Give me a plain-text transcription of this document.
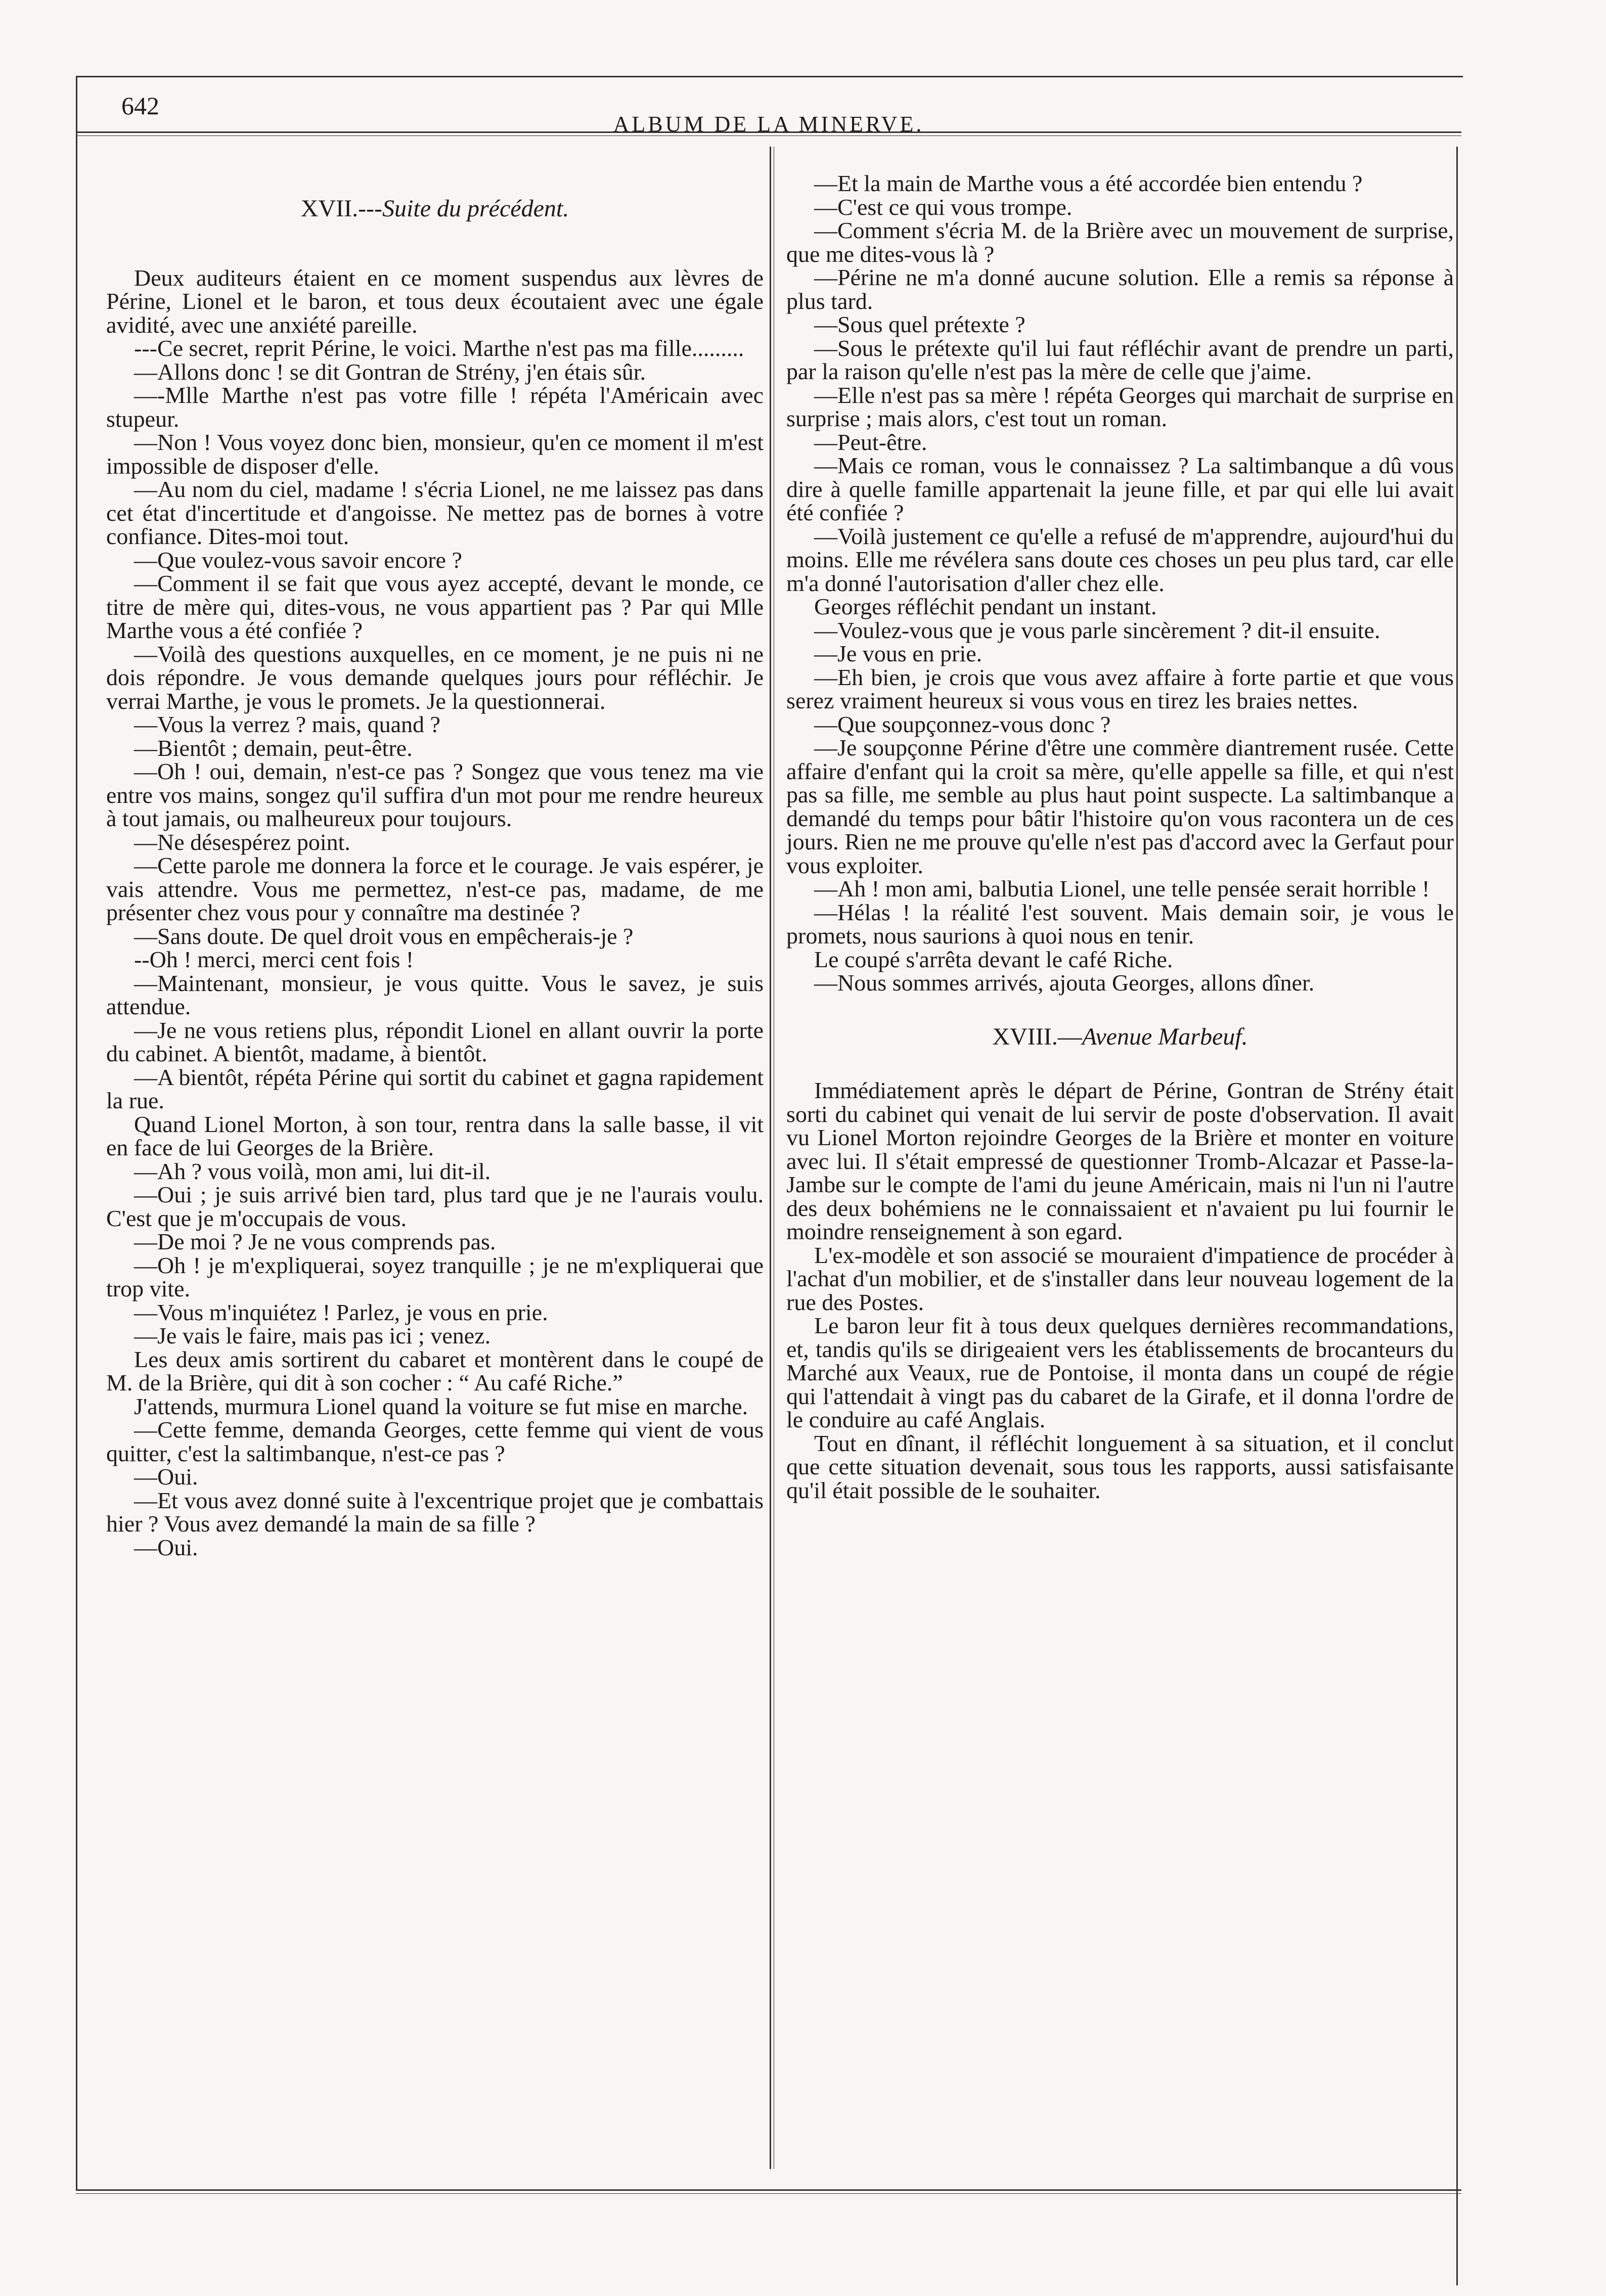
642
ALBUM DE LA MINERVE.
XVII.---Suite du précédent.

Deux auditeurs étaient en ce moment suspendus aux lèvres de Périne, Lionel et le baron, et tous deux écoutaient avec une égale avidité, avec une anxiété pareille.

---Ce secret, reprit Périne, le voici. Marthe n'est pas ma fille.........

—Allons donc ! se dit Gontran de Strény, j'en étais sûr.

—-Mlle Marthe n'est pas votre fille ! répéta l'Américain avec stupeur.

—Non ! Vous voyez donc bien, monsieur, qu'en ce moment il m'est impossible de disposer d'elle.

—Au nom du ciel, madame ! s'écria Lionel, ne me laissez pas dans cet état d'incertitude et d'angoisse. Ne mettez pas de bornes à votre confiance. Dites-moi tout.

—Que voulez-vous savoir encore ?

—Comment il se fait que vous ayez accepté, devant le monde, ce titre de mère qui, dites-vous, ne vous appartient pas ? Par qui Mlle Marthe vous a été confiée ?

—Voilà des questions auxquelles, en ce moment, je ne puis ni ne dois répondre. Je vous demande quelques jours pour réfléchir. Je verrai Marthe, je vous le promets. Je la questionnerai.

—Vous la verrez ? mais, quand ?

—Bientôt ; demain, peut-être.

—Oh ! oui, demain, n'est-ce pas ? Songez que vous tenez ma vie entre vos mains, songez qu'il suffira d'un mot pour me rendre heureux à tout jamais, ou malheureux pour toujours.

—Ne désespérez point.

—Cette parole me donnera la force et le courage. Je vais espérer, je vais attendre. Vous me permettez, n'est-ce pas, madame, de me présenter chez vous pour y connaître ma destinée ?

—Sans doute. De quel droit vous en empêcherais-je ?

--Oh ! merci, merci cent fois !

—Maintenant, monsieur, je vous quitte. Vous le savez, je suis attendue.

—Je ne vous retiens plus, répondit Lionel en allant ouvrir la porte du cabinet. A bientôt, madame, à bientôt.

—A bientôt, répéta Périne qui sortit du cabinet et gagna rapidement la rue.

Quand Lionel Morton, à son tour, rentra dans la salle basse, il vit en face de lui Georges de la Brière.

—Ah ? vous voilà, mon ami, lui dit-il.

—Oui ; je suis arrivé bien tard, plus tard que je ne l'aurais voulu. C'est que je m'occupais de vous.

—De moi ? Je ne vous comprends pas.

—Oh ! je m'expliquerai, soyez tranquille ; je ne m'expliquerai que trop vite.

—Vous m'inquiétez ! Parlez, je vous en prie.

—Je vais le faire, mais pas ici ; venez.

Les deux amis sortirent du cabaret et montèrent dans le coupé de M. de la Brière, qui dit à son cocher : “ Au café Riche.”

J'attends, murmura Lionel quand la voiture se fut mise en marche.

—Cette femme, demanda Georges, cette femme qui vient de vous quitter, c'est la saltimbanque, n'est-ce pas ?

—Oui.

—Et vous avez donné suite à l'excentrique projet que je combattais hier ? Vous avez demandé la main de sa fille ?

—Oui.

—Et la main de Marthe vous a été accordée bien entendu ?

—C'est ce qui vous trompe.

—Comment s'écria M. de la Brière avec un mouvement de surprise, que me dites-vous là ?

—Périne ne m'a donné aucune solution. Elle a remis sa réponse à plus tard.

—Sous quel prétexte ?

—Sous le prétexte qu'il lui faut réfléchir avant de prendre un parti, par la raison qu'elle n'est pas la mère de celle que j'aime.

—Elle n'est pas sa mère ! répéta Georges qui marchait de surprise en surprise ; mais alors, c'est tout un roman.

—Peut-être.

—Mais ce roman, vous le connaissez ? La saltimbanque a dû vous dire à quelle famille appartenait la jeune fille, et par qui elle lui avait été confiée ?

—Voilà justement ce qu'elle a refusé de m'apprendre, aujourd'hui du moins. Elle me révélera sans doute ces choses un peu plus tard, car elle m'a donné l'autorisation d'aller chez elle.

Georges réfléchit pendant un instant.

—Voulez-vous que je vous parle sincèrement ? dit-il ensuite.

—Je vous en prie.

—Eh bien, je crois que vous avez affaire à forte partie et que vous serez vraiment heureux si vous vous en tirez les braies nettes.

—Que soupçonnez-vous donc ?

—Je soupçonne Périne d'être une commère diantrement rusée. Cette affaire d'enfant qui la croit sa mère, qu'elle appelle sa fille, et qui n'est pas sa fille, me semble au plus haut point suspecte. La saltimbanque a demandé du temps pour bâtir l'histoire qu'on vous racontera un de ces jours. Rien ne me prouve qu'elle n'est pas d'accord avec la Gerfaut pour vous exploiter.

—Ah ! mon ami, balbutia Lionel, une telle pensée serait horrible !

—Hélas ! la réalité l'est souvent. Mais demain soir, je vous le promets, nous saurions à quoi nous en tenir.

Le coupé s'arrêta devant le café Riche.

—Nous sommes arrivés, ajouta Georges, allons dîner.

XVIII.—Avenue Marbeuf.

Immédiatement après le départ de Périne, Gontran de Strény était sorti du cabinet qui venait de lui servir de poste d'observation. Il avait vu Lionel Morton rejoindre Georges de la Brière et monter en voiture avec lui. Il s'était empressé de questionner Tromb-Alcazar et Passe-la-Jambe sur le compte de l'ami du jeune Américain, mais ni l'un ni l'autre des deux bohémiens ne le connaissaient et n'avaient pu lui fournir le moindre renseignement à son egard.

L'ex-modèle et son associé se mouraient d'impatience de procéder à l'achat d'un mobilier, et de s'installer dans leur nouveau logement de la rue des Postes.

Le baron leur fit à tous deux quelques dernières recommandations, et, tandis qu'ils se dirigeaient vers les établissements de brocanteurs du Marché aux Veaux, rue de Pontoise, il monta dans un coupé de régie qui l'attendait à vingt pas du cabaret de la Girafe, et il donna l'ordre de le conduire au café Anglais.

Tout en dînant, il réfléchit longuement à sa situation, et il conclut que cette situation devenait, sous tous les rapports, aussi satisfaisante qu'il était possible de le souhaiter.
